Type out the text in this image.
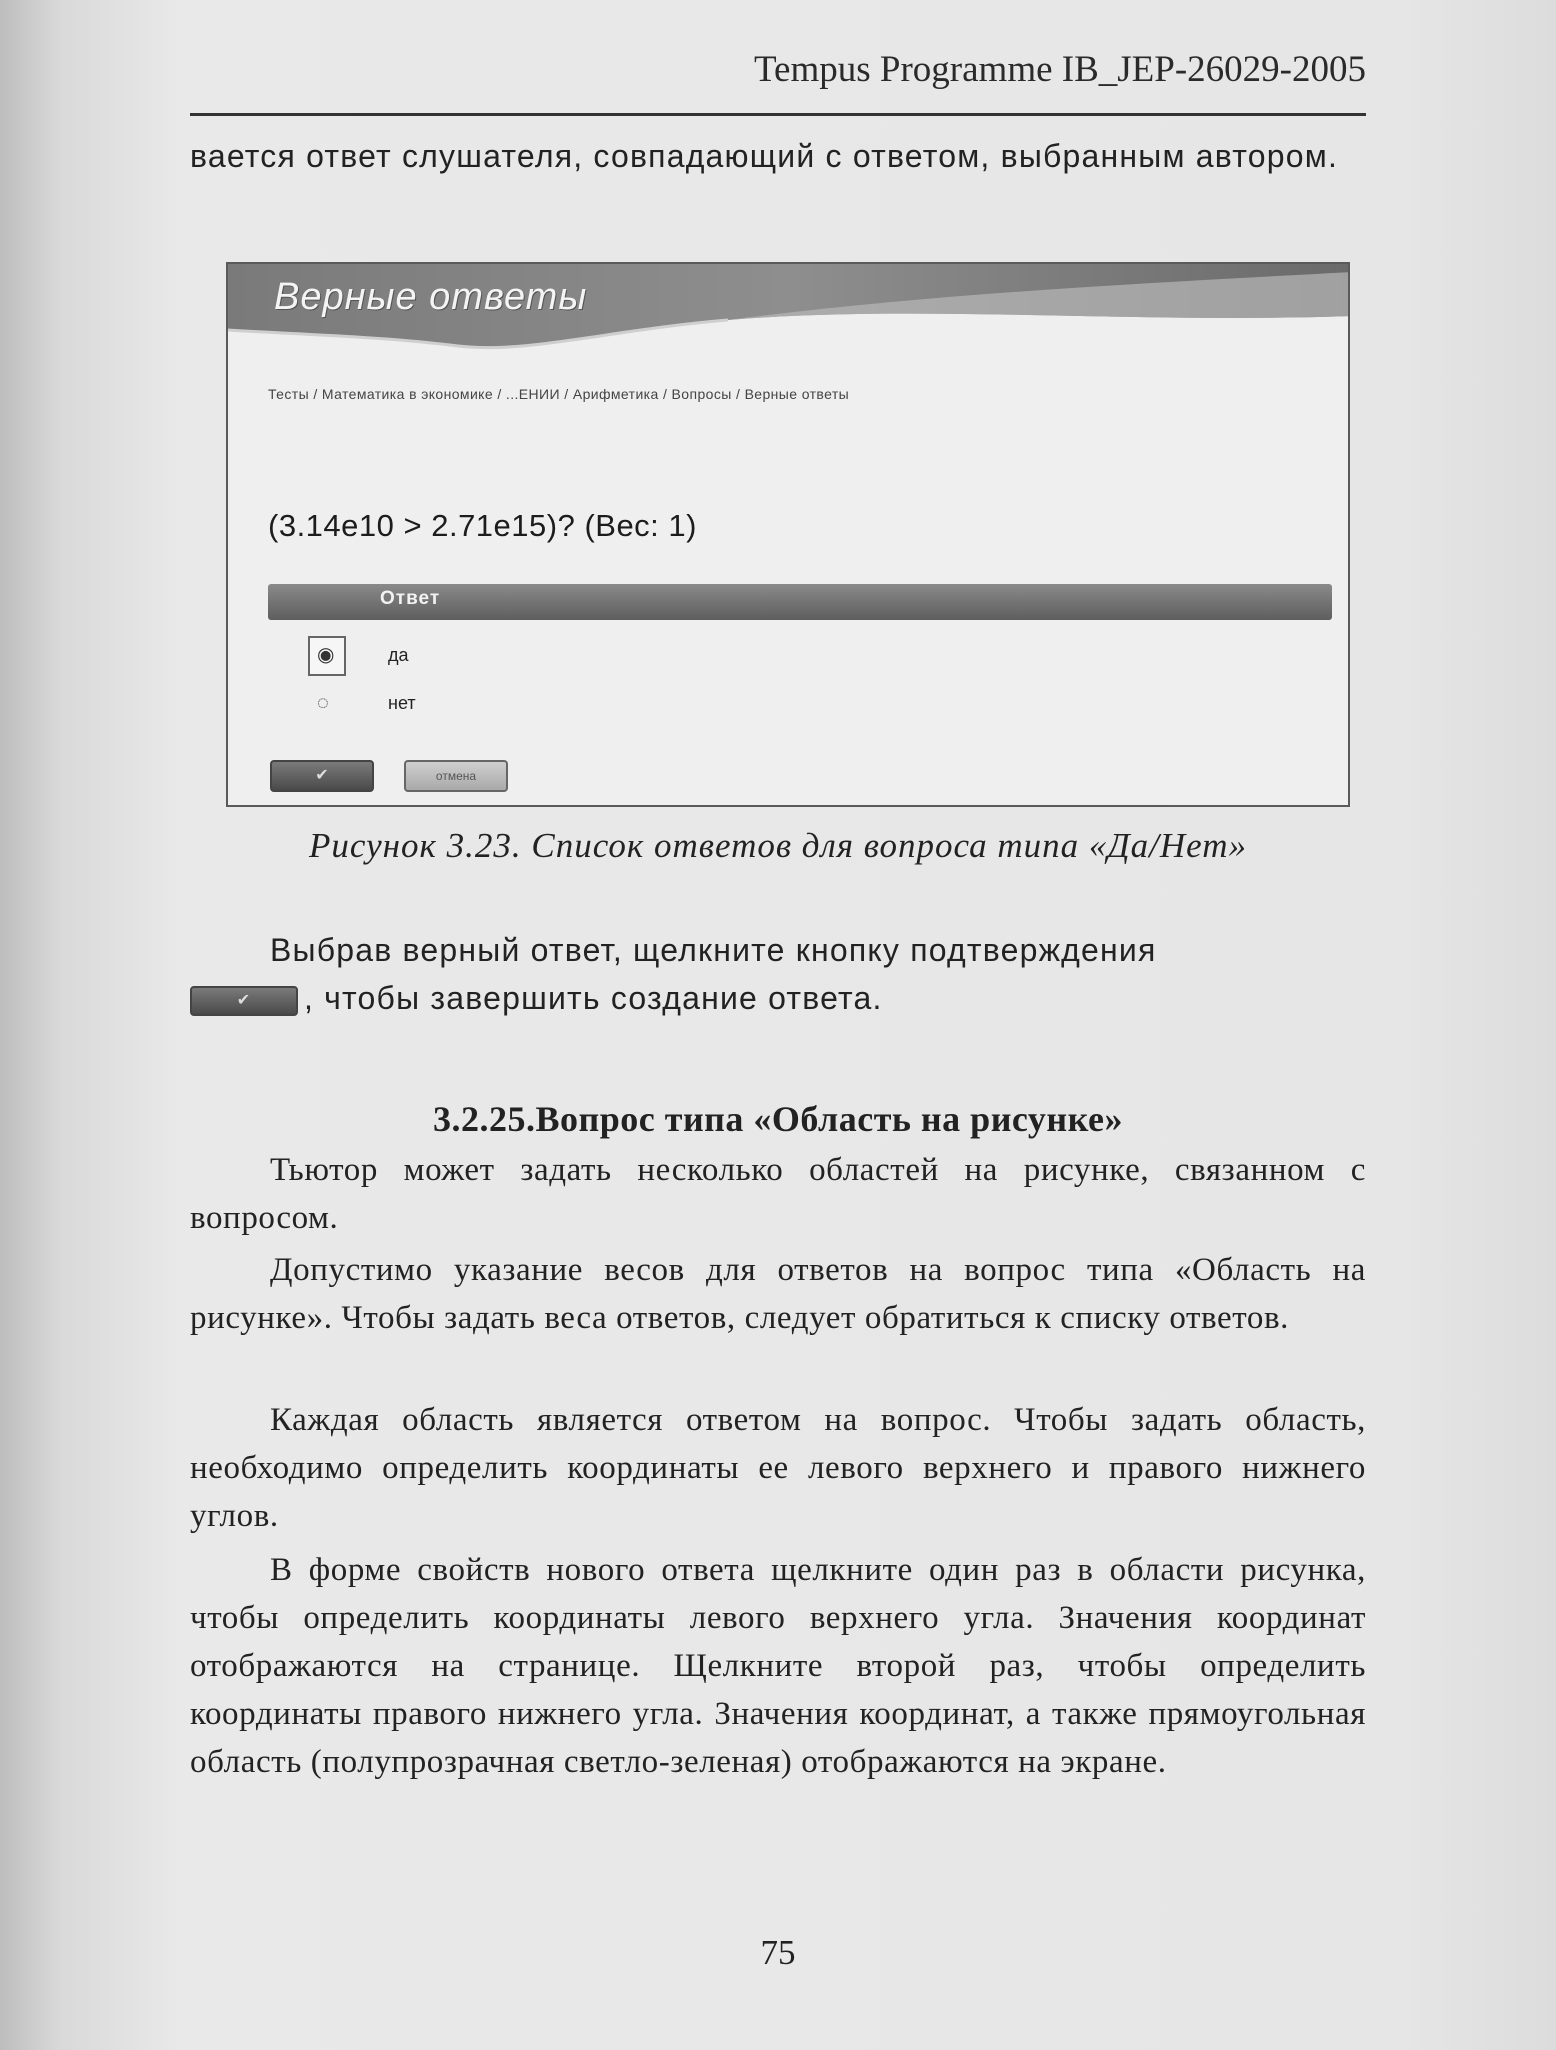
Tempus Programme IB_JEP-26029-2005
вается ответ слушателя, совпадающий с ответом, выбранным автором.
Верные ответы
Тесты / Математика в экономике / ...ЕНИИ / Арифметика / Вопросы / Верные ответы
(3.14e10 > 2.71e15)? (Вес: 1)
Ответ
◉	да
◌	нет
✔	отмена
Рисунок 3.23. Список ответов для вопроса типа «Да/Нет»
Выбрав верный ответ, щелкните кнопку подтверждения
✔ , чтобы завершить создание ответа.
3.2.25.Вопрос типа «Область на рисунке»
Тьютор может задать несколько областей на рисунке, связанном с вопросом.
Допустимо указание весов для ответов на вопрос типа «Область на рисунке». Чтобы задать веса ответов, следует обратиться к списку ответов.
Каждая область является ответом на вопрос. Чтобы задать область, необходимо определить координаты ее левого верхнего и правого нижнего углов.
В форме свойств нового ответа щелкните один раз в области рисунка, чтобы определить координаты левого верхнего угла. Значения координат отображаются на странице. Щелкните второй раз, чтобы определить координаты правого нижнего угла. Значения координат, а также прямоугольная область (полупрозрачная светло-зеленая) отображаются на экране.
75
